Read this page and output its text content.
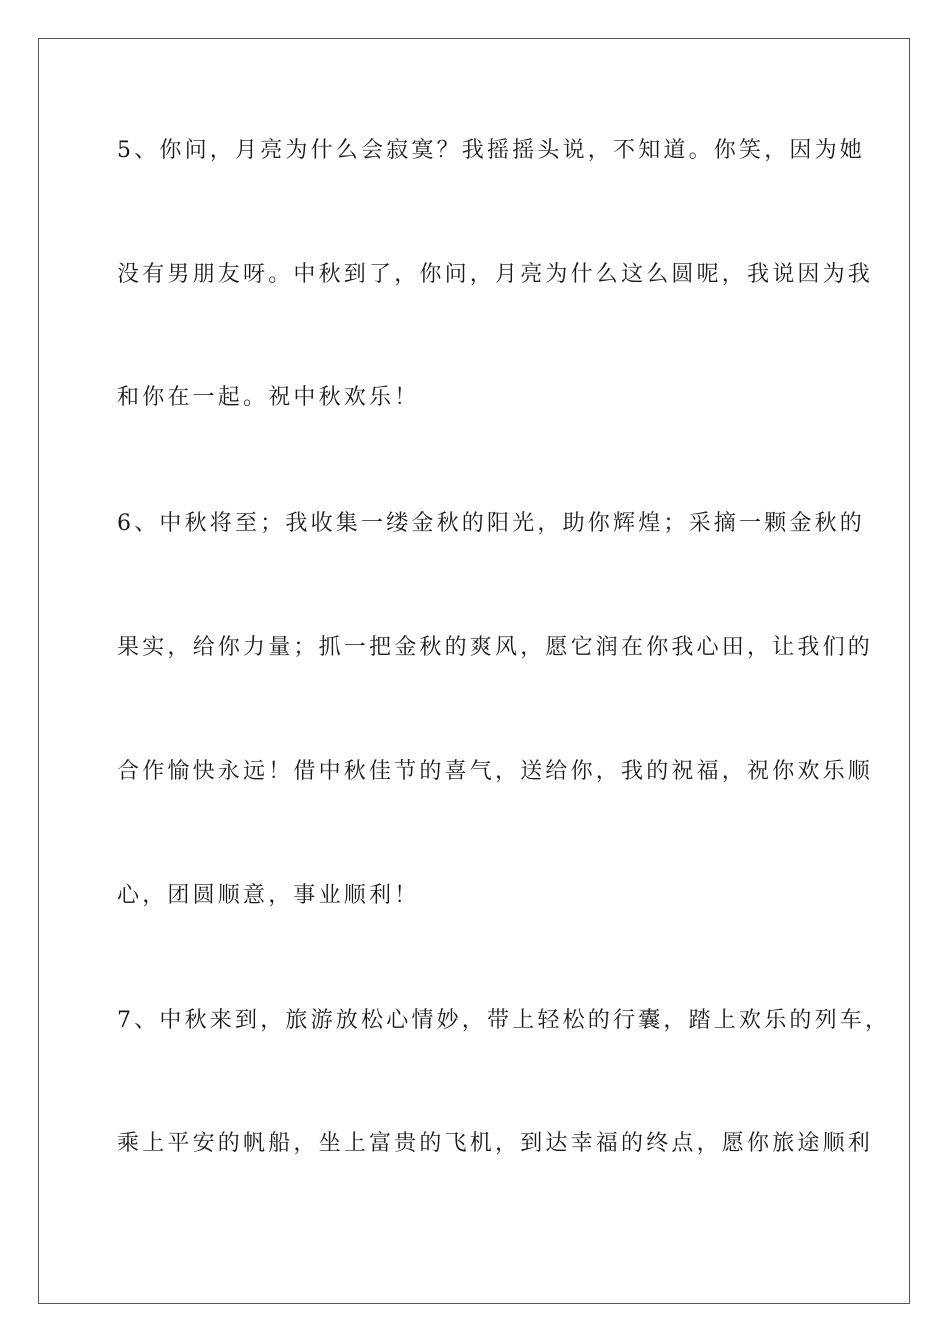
5、你问，月亮为什么会寂寞？我摇摇头说，不知道。你笑，因为她
没有男朋友呀。中秋到了，你问，月亮为什么这么圆呢，我说因为我
和你在一起。祝中秋欢乐！
6、中秋将至；我收集一缕金秋的阳光，助你辉煌；采摘一颗金秋的
果实，给你力量；抓一把金秋的爽风，愿它润在你我心田，让我们的
合作愉快永远！借中秋佳节的喜气，送给你，我的祝福，祝你欢乐顺
心，团圆顺意，事业顺利！
7、中秋来到，旅游放松心情妙，带上轻松的行囊，踏上欢乐的列车，
乘上平安的帆船，坐上富贵的飞机，到达幸福的终点，愿你旅途顺利
